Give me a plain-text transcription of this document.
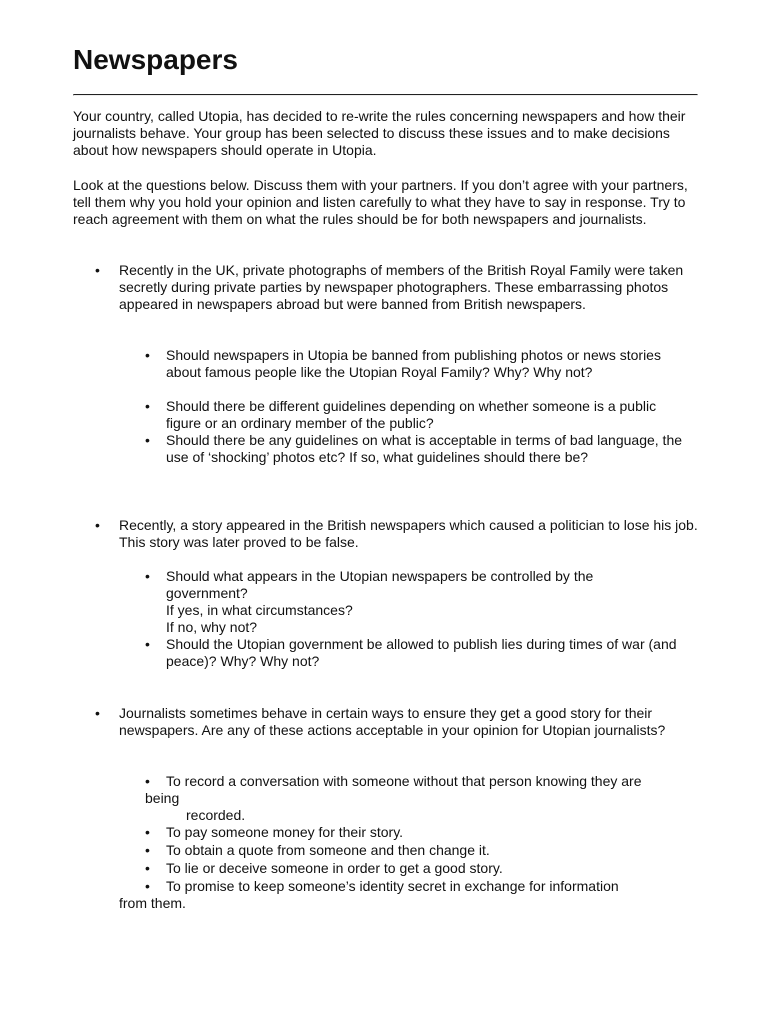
Newspapers

Your country, called Utopia, has decided to re-write the rules concerning newspapers and how their journalists behave. Your group has been selected to discuss these issues and to make decisions about how newspapers should operate in Utopia.

Look at the questions below. Discuss them with your partners. If you don’t agree with your partners, tell them why you hold your opinion and listen carefully to what they have to say in response. Try to reach agreement with them on what the rules should be for both newspapers and journalists.

• Recently in the UK, private photographs of members of the British Royal Family were taken secretly during private parties by newspaper photographers. These embarrassing photos appeared in newspapers abroad but were banned from British newspapers.

• Should newspapers in Utopia be banned from publishing photos or news stories about famous people like the Utopian Royal Family? Why? Why not?

• Should there be different guidelines depending on whether someone is a public figure or an ordinary member of the public?

• Should there be any guidelines on what is acceptable in terms of bad language, the use of ‘shocking’ photos etc? If so, what guidelines should there be?

• Recently, a story appeared in the British newspapers which caused a politician to lose his job. This story was later proved to be false.

• Should what appears in the Utopian newspapers be controlled by the
government?
If yes, in what circumstances?
If no, why not?
• Should the Utopian government be allowed to publish lies during times of war (and peace)? Why? Why not?

• Journalists sometimes behave in certain ways to ensure they get a good story for their newspapers. Are any of these actions acceptable in your opinion for Utopian journalists?

• To record a conversation with someone without that person knowing they are
being
recorded.
• To pay someone money for their story.
• To obtain a quote from someone and then change it.
• To lie or deceive someone in order to get a good story.
• To promise to keep someone’s identity secret in exchange for information
from them.
